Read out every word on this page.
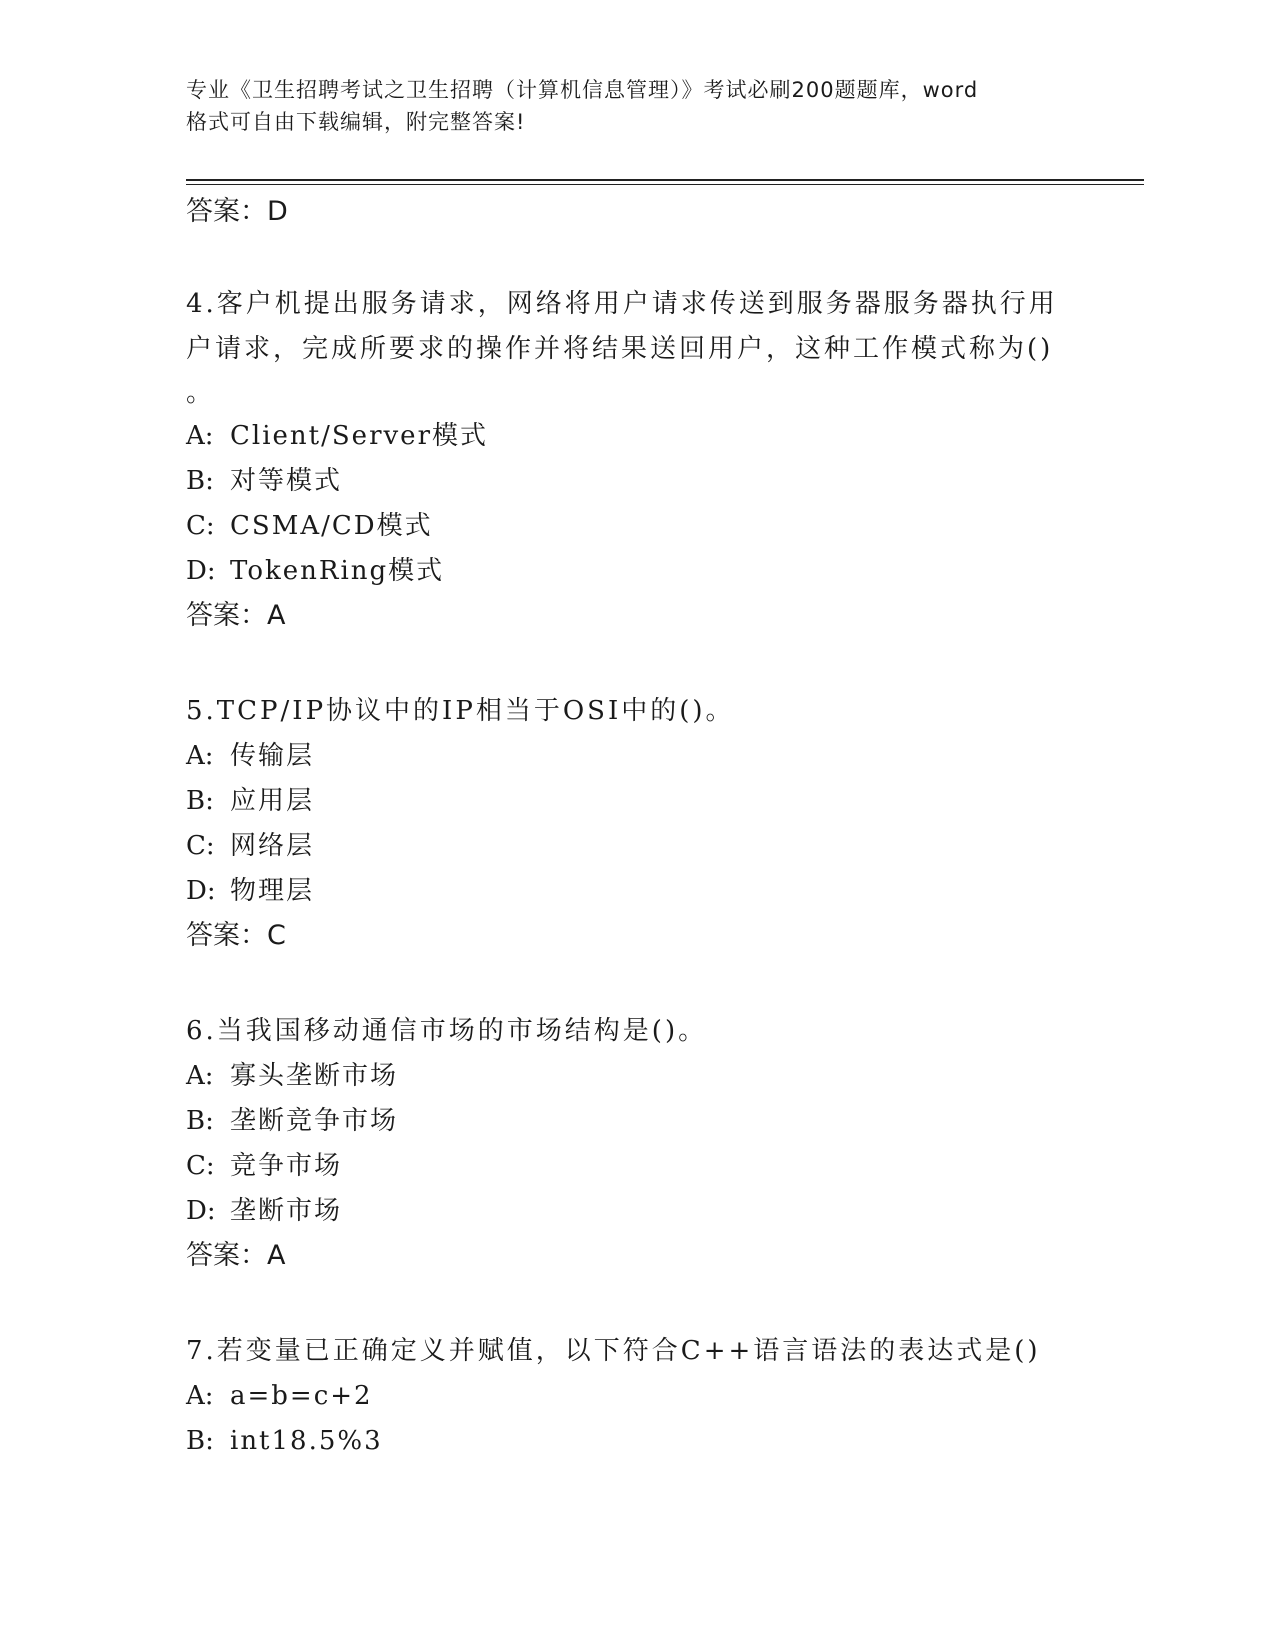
专业《卫生招聘考试之卫生招聘（计算机信息管理）》考试必刷200题题库，word
格式可自由下载编辑，附完整答案!
答案：D
4.客户机提出服务请求，网络将用户请求传送到服务器服务器执行用
户请求，完成所要求的操作并将结果送回用户，这种工作模式称为()
。
A: Client/Server模式
B: 对等模式
C: CSMA/CD模式
D: TokenRing模式
答案：A
5.TCP/IP协议中的IP相当于OSI中的()。
A: 传输层
B: 应用层
C: 网络层
D: 物理层
答案：C
6.当我国移动通信市场的市场结构是()。
A: 寡头垄断市场
B: 垄断竞争市场
C: 竞争市场
D: 垄断市场
答案：A
7.若变量已正确定义并赋值，以下符合C++语言语法的表达式是()
A: a=b=c+2
B: int18.5%3
